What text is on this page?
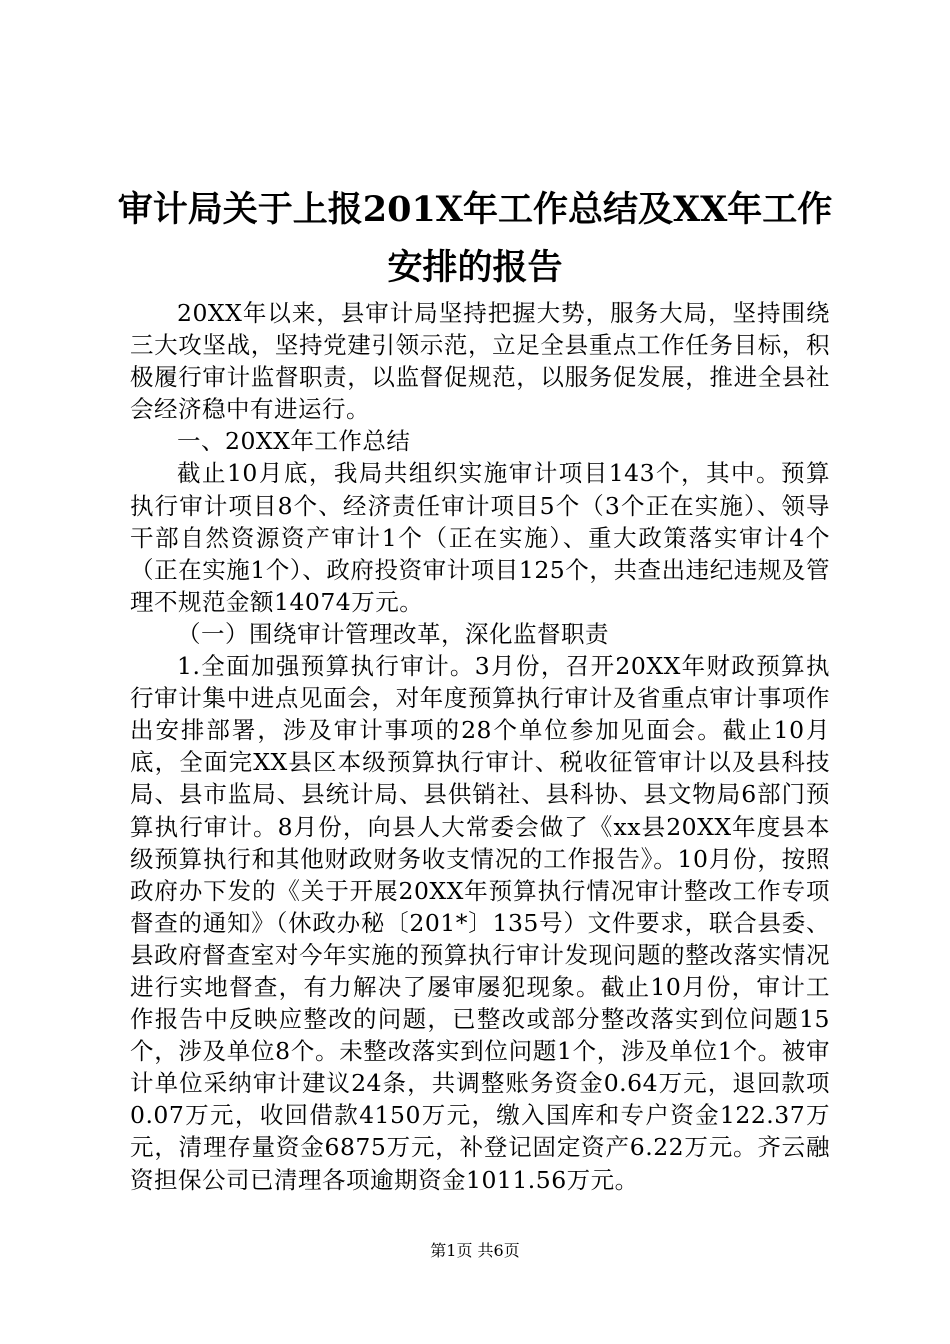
审计局关于上报201X年工作总结及XX年工作
安排的报告

20XX年以来，县审计局坚持把握大势，服务大局，坚持围绕三大攻坚战，坚持党建引领示范，立足全县重点工作任务目标，积极履行审计监督职责，以监督促规范，以服务促发展，推进全县社会经济稳中有进运行。

一、20XX年工作总结

截止10月底，我局共组织实施审计项目143个，其中。预算执行审计项目8个、经济责任审计项目5个（3个正在实施）、领导干部自然资源资产审计1个（正在实施）、重大政策落实审计4个（正在实施1个）、政府投资审计项目125个，共查出违纪违规及管理不规范金额14074万元。

（一）围绕审计管理改革，深化监督职责

1.全面加强预算执行审计。3月份，召开20XX年财政预算执行审计集中进点见面会，对年度预算执行审计及省重点审计事项作出安排部署，涉及审计事项的28个单位参加见面会。截止10月底，全面完XX县区本级预算执行审计、税收征管审计以及县科技局、县市监局、县统计局、县供销社、县科协、县文物局6部门预算执行审计。8月份，向县人大常委会做了《xx县20XX年度县本级预算执行和其他财政财务收支情况的工作报告》。10月份，按照政府办下发的《关于开展20XX年预算执行情况审计整改工作专项督查的通知》（休政办秘〔201*〕135号）文件要求，联合县委、县政府督查室对今年实施的预算执行审计发现问题的整改落实情况进行实地督查，有力解决了屡审屡犯现象。截止10月份，审计工作报告中反映应整改的问题，已整改或部分整改落实到位问题15个，涉及单位8个。未整改落实到位问题1个，涉及单位1个。被审计单位采纳审计建议24条，共调整账务资金0.64万元，退回款项0.07万元，收回借款4150万元，缴入国库和专户资金122.37万元，清理存量资金6875万元，补登记固定资产6.22万元。齐云融资担保公司已清理各项逾期资金1011.56万元。

第1页 共6页
